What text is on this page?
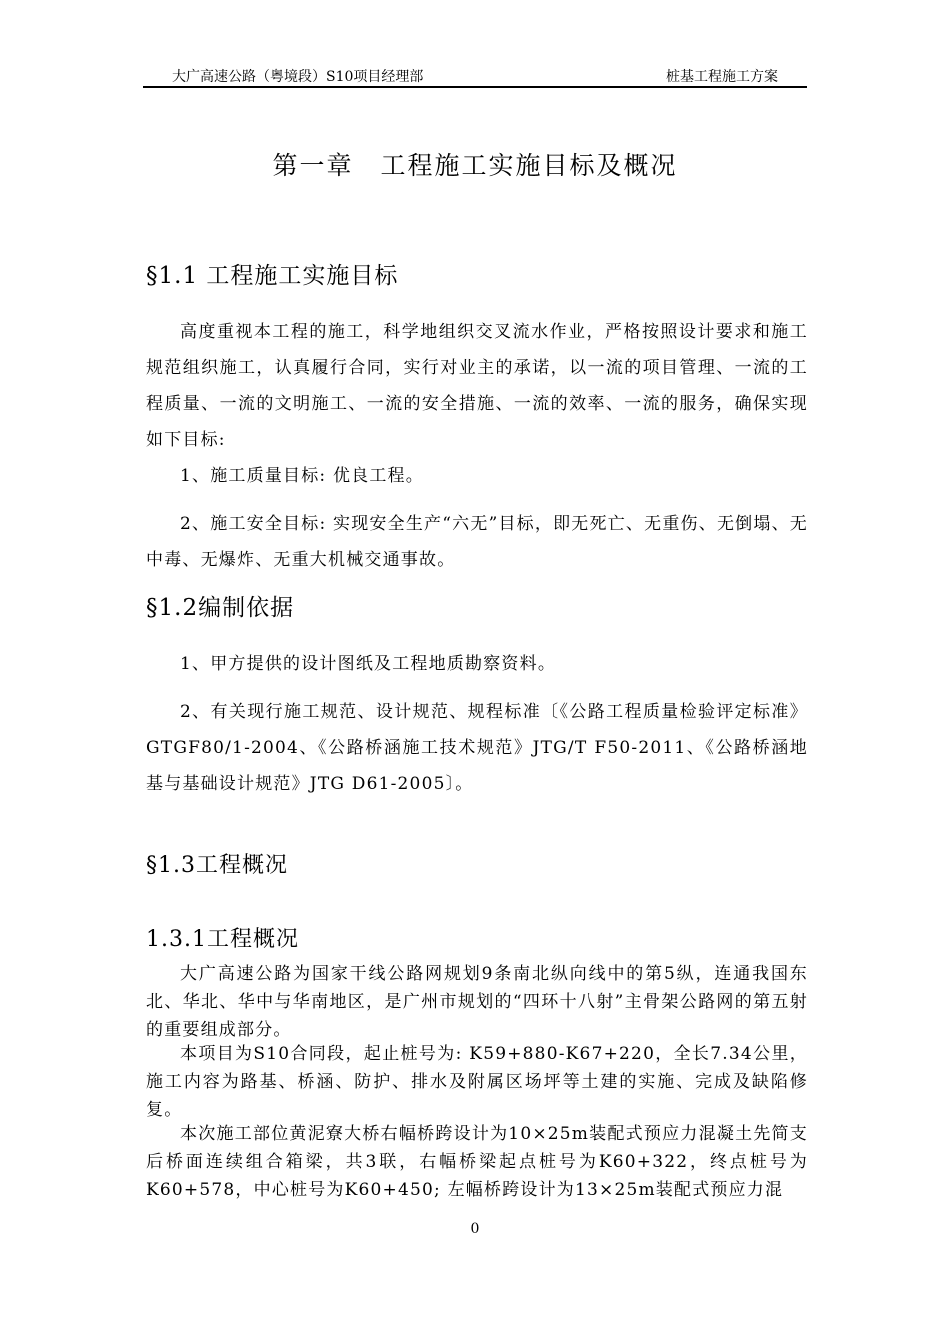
大广高速公路（粤境段）S10项目经理部	桩基工程施工方案
第一章　工程施工实施目标及概况
§1.1 工程施工实施目标

高度重视本工程的施工，科学地组织交叉流水作业，严格按照设计要求和施工规范组织施工，认真履行合同，实行对业主的承诺，以一流的项目管理、一流的工程质量、一流的文明施工、一流的安全措施、一流的效率、一流的服务，确保实现如下目标:

1、施工质量目标: 优良工程。

2、施工安全目标: 实现安全生产“六无”目标，即无死亡、无重伤、无倒塌、无中毒、无爆炸、无重大机械交通事故。

§1.2编制依据

1、甲方提供的设计图纸及工程地质勘察资料。

2、有关现行施工规范、设计规范、规程标准〔《公路工程质量检验评定标准》GTGF80/1-2004、《公路桥涵施工技术规范》JTG/T F50-2011、《公路桥涵地基与基础设计规范》JTG D61-2005〕。

§1.3工程概况
1.3.1工程概况

大广高速公路为国家干线公路网规划9条南北纵向线中的第5纵，连通我国东北、华北、华中与华南地区，是广州市规划的“四环十八射”主骨架公路网的第五射的重要组成部分。

本项目为S10合同段，起止桩号为: K59+880-K67+220，全长7.34公里，施工内容为路基、桥涵、防护、排水及附属区场坪等土建的实施、完成及缺陷修复。

本次施工部位黄泥寮大桥右幅桥跨设计为10×25m装配式预应力混凝土先简支后桥面连续组合箱梁，共3联，右幅桥梁起点桩号为K60+322，终点桩号为K60+578，中心桩号为K60+450; 左幅桥跨设计为13×25m装配式预应力混

0
